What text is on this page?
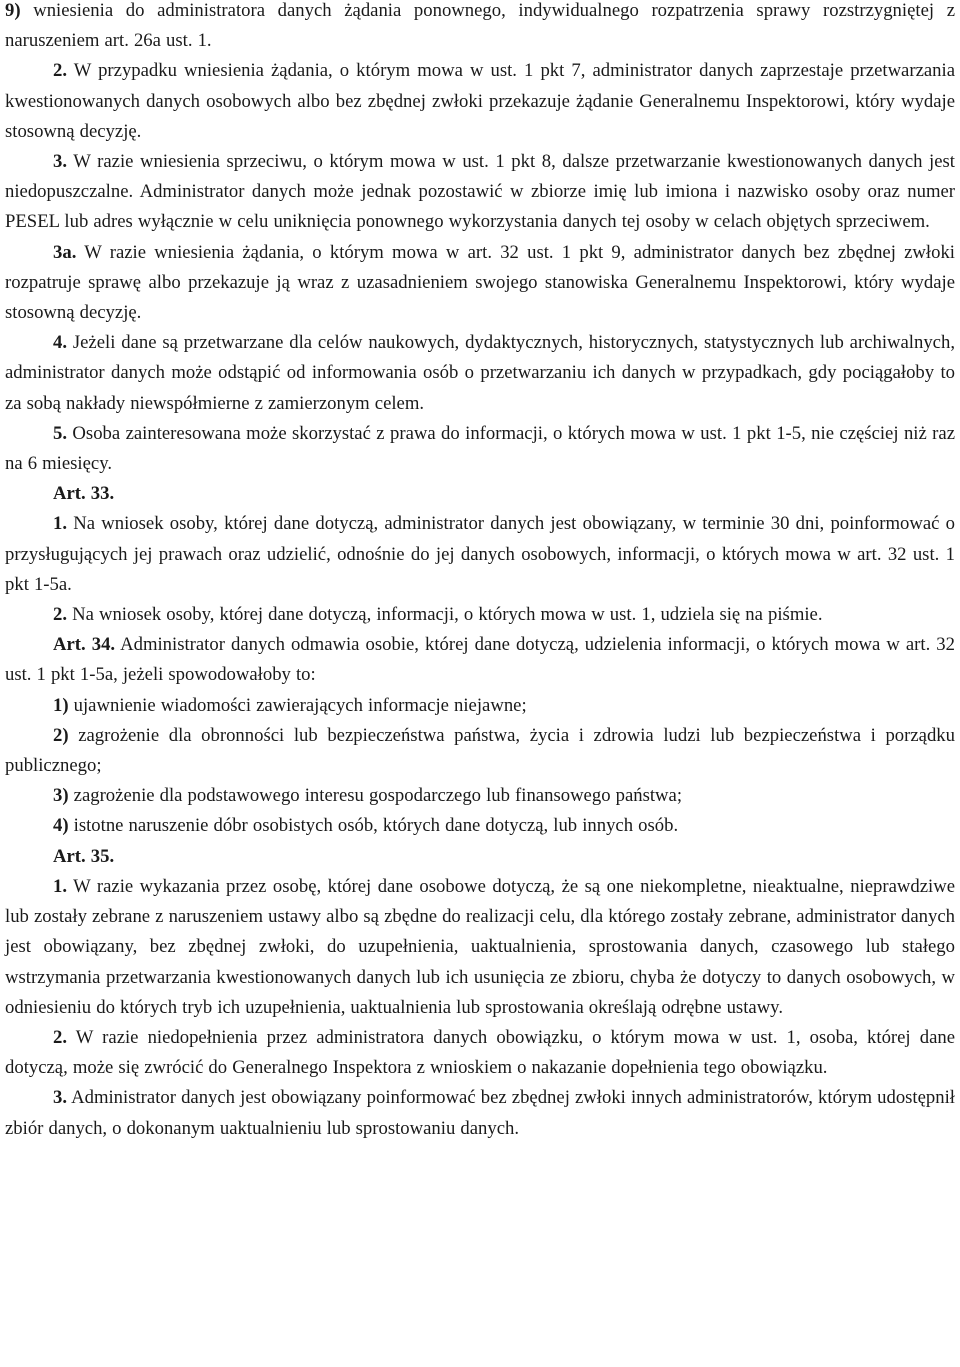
9) wniesienia do administratora danych żądania ponownego, indywidualnego rozpatrzenia sprawy rozstrzygniętej z naruszeniem art. 26a ust. 1.

2. W przypadku wniesienia żądania, o którym mowa w ust. 1 pkt 7, administrator danych zaprzestaje przetwarzania kwestionowanych danych osobowych albo bez zbędnej zwłoki przekazuje żądanie Generalnemu Inspektorowi, który wydaje stosowną decyzję.

3. W razie wniesienia sprzeciwu, o którym mowa w ust. 1 pkt 8, dalsze przetwarzanie kwestionowanych danych jest niedopuszczalne. Administrator danych może jednak pozostawić w zbiorze imię lub imiona i nazwisko osoby oraz numer PESEL lub adres wyłącznie w celu uniknięcia ponownego wykorzystania danych tej osoby w celach objętych sprzeciwem.

3a. W razie wniesienia żądania, o którym mowa w art. 32 ust. 1 pkt 9, administrator danych bez zbędnej zwłoki rozpatruje sprawę albo przekazuje ją wraz z uzasadnieniem swojego stanowiska Generalnemu Inspektorowi, który wydaje stosowną decyzję.

4. Jeżeli dane są przetwarzane dla celów naukowych, dydaktycznych, historycznych, statystycznych lub archiwalnych, administrator danych może odstąpić od informowania osób o przetwarzaniu ich danych w przypadkach, gdy pociągałoby to za sobą nakłady niewspółmierne z zamierzonym celem.

5. Osoba zainteresowana może skorzystać z prawa do informacji, o których mowa w ust. 1 pkt 1-5, nie częściej niż raz na 6 miesięcy.

Art. 33.

1. Na wniosek osoby, której dane dotyczą, administrator danych jest obowiązany, w terminie 30 dni, poinformować o przysługujących jej prawach oraz udzielić, odnośnie do jej danych osobowych, informacji, o których mowa w art. 32 ust. 1 pkt 1-5a.

2. Na wniosek osoby, której dane dotyczą, informacji, o których mowa w ust. 1, udziela się na piśmie.

Art. 34. Administrator danych odmawia osobie, której dane dotyczą, udzielenia informacji, o których mowa w art. 32 ust. 1 pkt 1-5a, jeżeli spowodowałoby to:

1) ujawnienie wiadomości zawierających informacje niejawne;

2) zagrożenie dla obronności lub bezpieczeństwa państwa, życia i zdrowia ludzi lub bezpieczeństwa i porządku publicznego;

3) zagrożenie dla podstawowego interesu gospodarczego lub finansowego państwa;

4) istotne naruszenie dóbr osobistych osób, których dane dotyczą, lub innych osób.

Art. 35.

1. W razie wykazania przez osobę, której dane osobowe dotyczą, że są one niekompletne, nieaktualne, nieprawdziwe lub zostały zebrane z naruszeniem ustawy albo są zbędne do realizacji celu, dla którego zostały zebrane, administrator danych jest obowiązany, bez zbędnej zwłoki, do uzupełnienia, uaktualnienia, sprostowania danych, czasowego lub stałego wstrzymania przetwarzania kwestionowanych danych lub ich usunięcia ze zbioru, chyba że dotyczy to danych osobowych, w odniesieniu do których tryb ich uzupełnienia, uaktualnienia lub sprostowania określają odrębne ustawy.

2. W razie niedopełnienia przez administratora danych obowiązku, o którym mowa w ust. 1, osoba, której dane dotyczą, może się zwrócić do Generalnego Inspektora z wnioskiem o nakazanie dopełnienia tego obowiązku.

3. Administrator danych jest obowiązany poinformować bez zbędnej zwłoki innych administratorów, którym udostępnił zbiór danych, o dokonanym uaktualnieniu lub sprostowaniu danych.
